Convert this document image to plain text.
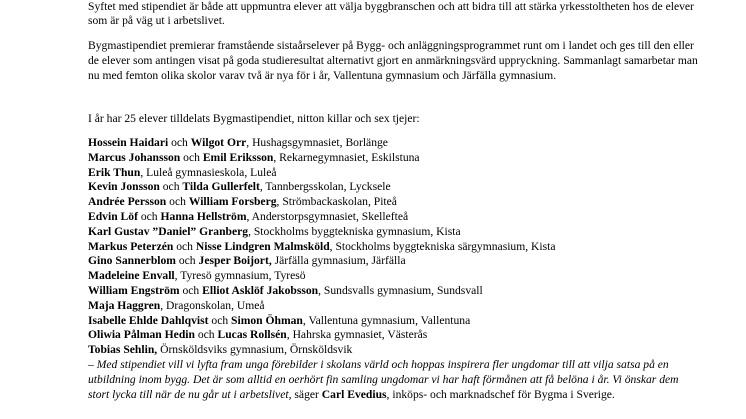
Syftet med stipendiet är både att uppmuntra elever att välja byggbranschen och att bidra till att stärka yrkesstoltheten hos de elever som är på väg ut i arbetslivet.

Bygmastipendiet premierar framstående sistaårselever på Bygg- och anläggningsprogrammet runt om i landet och ges till den eller de elever som antingen visat på goda studieresultat alternativt gjort en anmärkningsvärd uppryckning. Sammanlagt samarbetar man nu med femton olika skolor varav två är nya för i år, Vallentuna gymnasium och Järfälla gymnasium.

I år har 25 elever tilldelats Bygmastipendiet, nitton killar och sex tjejer:

Hossein Haidari och Wilgot Orr, Hushagsgymnasiet, Borlänge
Marcus Johansson och Emil Eriksson, Rekarnegymnasiet, Eskilstuna
Erik Thun, Luleå gymnasieskola, Luleå
Kevin Jonsson och Tilda Gullerfelt, Tannbergsskolan, Lycksele
Andrée Persson och William Forsberg, Strömbackaskolan, Piteå
Edvin Löf och Hanna Hellström, Anderstorpsgymnasiet, Skellefteå
Karl Gustav ”Daniel” Granberg, Stockholms byggtekniska gymnasium, Kista
Markus Peterzén och Nisse Lindgren Malmsköld, Stockholms byggtekniska särgymnasium, Kista
Gino Sannerblom och Jesper Boijort, Järfälla gymnasium, Järfälla
Madeleine Envall, Tyresö gymnasium, Tyresö
William Engström och Elliot Asklöf Jakobsson, Sundsvalls gymnasium, Sundsvall
Maja Haggren, Dragonskolan, Umeå
Isabelle Ehlde Dahlqvist och Simon Öhman, Vallentuna gymnasium, Vallentuna
Oliwia Pålman Hedin och Lucas Rollsén, Hahrska gymnasiet, Västerås
Tobias Sehlin, Örnsköldsviks gymnasium, Örnsköldsvik

– Med stipendiet vill vi lyfta fram unga förebilder i skolans värld och hoppas inspirera fler ungdomar till att vilja satsa på en utbildning inom bygg. Det är som alltid en oerhört fin samling ungdomar vi har haft förmånen att få belöna i år. Vi önskar dem stort lycka till när de nu går ut i arbetslivet, säger Carl Evedius, inköps- och marknadschef för Bygma i Sverige.
